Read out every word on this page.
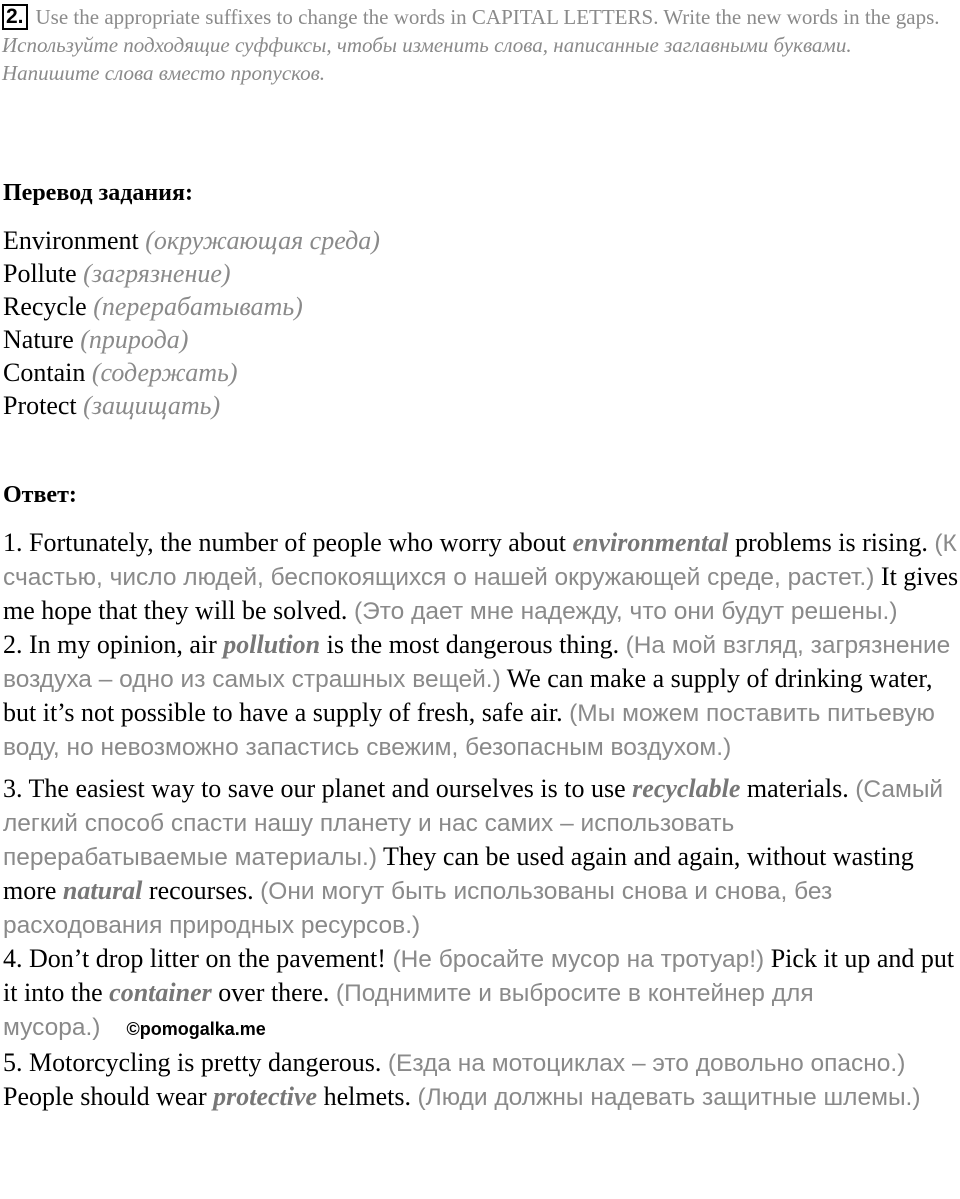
2. Use the appropriate suffixes to change the words in CAPITAL LETTERS. Write the new words in the gaps.

Используйте подходящие суффиксы, чтобы изменить слова, написанные заглавными буквами. Напишите слова вместо пропусков.

Перевод задания:
Environment (окружающая среда)
Pollute (загрязнение)
Recycle (перерабатывать)
Nature (природа)
Contain (содержать)
Protect (защищать)
Ответ:

1. Fortunately, the number of people who worry about environmental problems is rising. (К счастью, число людей, беспокоящихся о нашей окружающей среде, растет.) It gives me hope that they will be solved. (Это дает мне надежду, что они будут решены.)

2. In my opinion, air pollution is the most dangerous thing. (На мой взгляд, загрязнение воздуха – одно из самых страшных вещей.) We can make a supply of drinking water, but it’s not possible to have a supply of fresh, safe air. (Мы можем поставить питьевую воду, но невозможно запастись свежим, безопасным воздухом.)

3. The easiest way to save our planet and ourselves is to use recyclable materials. (Самый легкий способ спасти нашу планету и нас самих – использовать перерабатываемые материалы.) They can be used again and again, without wasting more natural recourses. (Они могут быть использованы снова и снова, без расходования природных ресурсов.)

4. Don’t drop litter on the pavement! (Не бросайте мусор на тротуар!) Pick it up and put it into the container over there. (Поднимите и выбросите в контейнер для мусора.) ©pomogalka.me

5. Motorcycling is pretty dangerous. (Езда на мотоциклах – это довольно опасно.) People should wear protective helmets. (Люди должны надевать защитные шлемы.)
